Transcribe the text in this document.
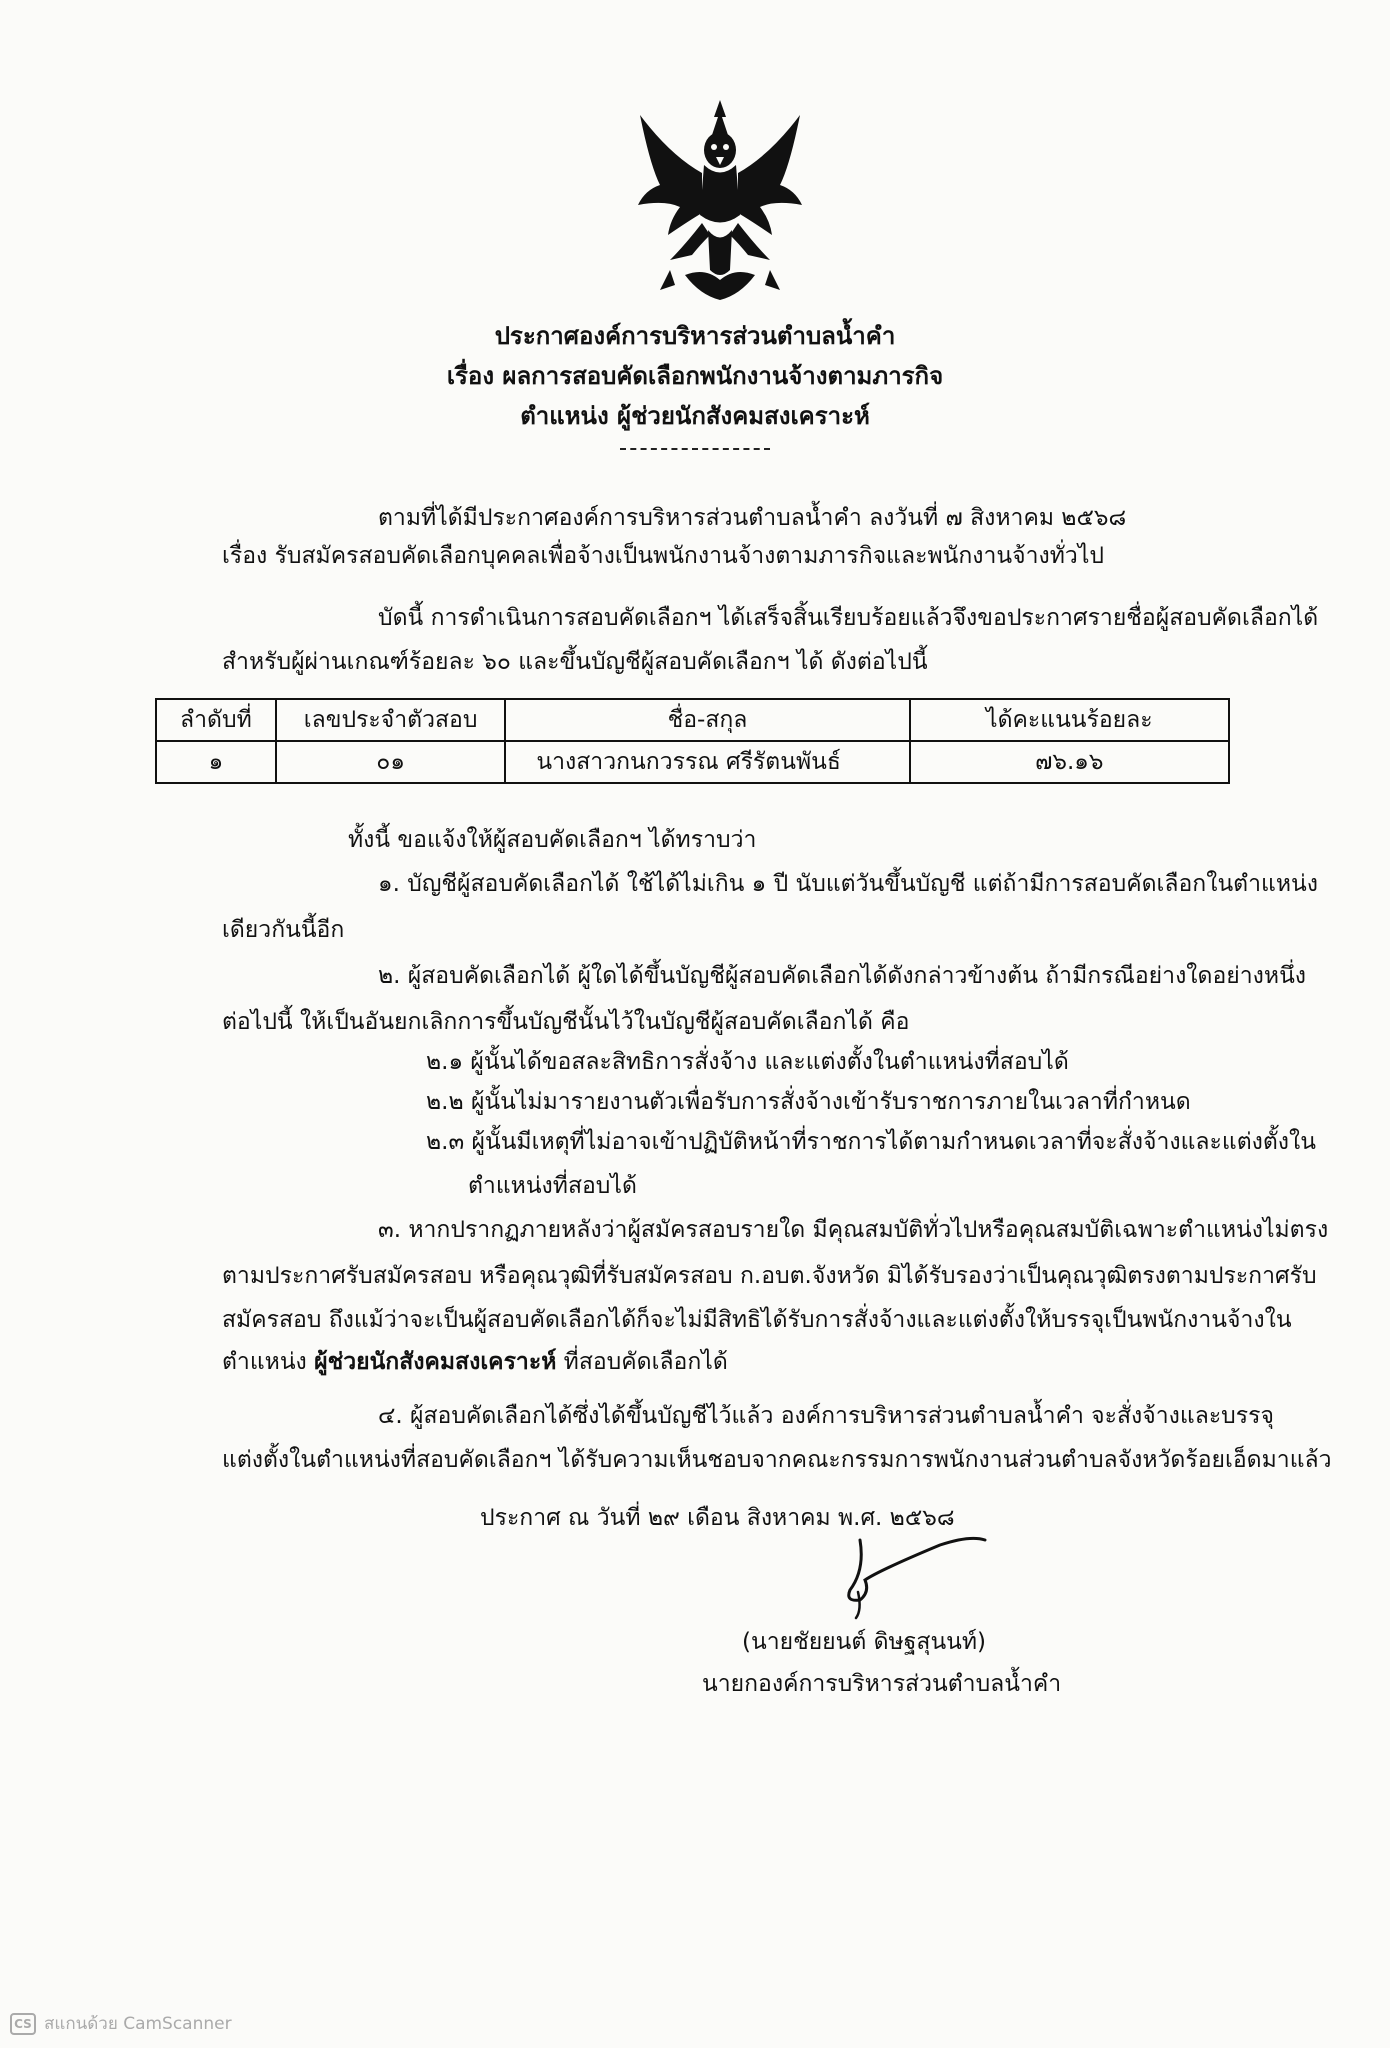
ประกาศองค์การบริหารส่วนตำบลน้ำคำ
เรื่อง ผลการสอบคัดเลือกพนักงานจ้างตามภารกิจ
ตำแหน่ง ผู้ช่วยนักสังคมสงเคราะห์
ตามที่ได้มีประกาศองค์การบริหารส่วนตำบลน้ำคำ ลงวันที่ ๗ สิงหาคม ๒๕๖๘
เรื่อง รับสมัครสอบคัดเลือกบุคคลเพื่อจ้างเป็นพนักงานจ้างตามภารกิจและพนักงานจ้างทั่วไป
บัดนี้ การดำเนินการสอบคัดเลือกฯ ได้เสร็จสิ้นเรียบร้อยแล้วจึงขอประกาศรายชื่อผู้สอบคัดเลือกได้
สำหรับผู้ผ่านเกณฑ์ร้อยละ ๖๐ และขึ้นบัญชีผู้สอบคัดเลือกฯ ได้ ดังต่อไปนี้
ลำดับที่	เลขประจำตัวสอบ	ชื่อ-สกุล	ได้คะแนนร้อยละ
๑	๐๑	นางสาวกนกวรรณ ศรีรัตนพันธ์	๗๖.๑๖
ทั้งนี้ ขอแจ้งให้ผู้สอบคัดเลือกฯ ได้ทราบว่า
๑. บัญชีผู้สอบคัดเลือกได้ ใช้ได้ไม่เกิน ๑ ปี นับแต่วันขึ้นบัญชี แต่ถ้ามีการสอบคัดเลือกในตำแหน่ง
เดียวกันนี้อีก
๒. ผู้สอบคัดเลือกได้ ผู้ใดได้ขึ้นบัญชีผู้สอบคัดเลือกได้ดังกล่าวข้างต้น ถ้ามีกรณีอย่างใดอย่างหนึ่ง
ต่อไปนี้ ให้เป็นอันยกเลิกการขึ้นบัญชีนั้นไว้ในบัญชีผู้สอบคัดเลือกได้ คือ
๒.๑ ผู้นั้นได้ขอสละสิทธิการสั่งจ้าง และแต่งตั้งในตำแหน่งที่สอบได้
๒.๒ ผู้นั้นไม่มารายงานตัวเพื่อรับการสั่งจ้างเข้ารับราชการภายในเวลาที่กำหนด
๒.๓ ผู้นั้นมีเหตุที่ไม่อาจเข้าปฏิบัติหน้าที่ราชการได้ตามกำหนดเวลาที่จะสั่งจ้างและแต่งตั้งใน
ตำแหน่งที่สอบได้
๓. หากปรากฏภายหลังว่าผู้สมัครสอบรายใด มีคุณสมบัติทั่วไปหรือคุณสมบัติเฉพาะตำแหน่งไม่ตรง
ตามประกาศรับสมัครสอบ หรือคุณวุฒิที่รับสมัครสอบ ก.อบต.จังหวัด มิได้รับรองว่าเป็นคุณวุฒิตรงตามประกาศรับ
สมัครสอบ ถึงแม้ว่าจะเป็นผู้สอบคัดเลือกได้ก็จะไม่มีสิทธิได้รับการสั่งจ้างและแต่งตั้งให้บรรจุเป็นพนักงานจ้างใน
ตำแหน่ง ผู้ช่วยนักสังคมสงเคราะห์ ที่สอบคัดเลือกได้
๔. ผู้สอบคัดเลือกได้ซึ่งได้ขึ้นบัญชีไว้แล้ว องค์การบริหารส่วนตำบลน้ำคำ จะสั่งจ้างและบรรจุ
แต่งตั้งในตำแหน่งที่สอบคัดเลือกฯ ได้รับความเห็นชอบจากคณะกรรมการพนักงานส่วนตำบลจังหวัดร้อยเอ็ดมาแล้ว
ประกาศ ณ วันที่ ๒๙ เดือน สิงหาคม พ.ศ. ๒๕๖๘
(นายชัยยนต์ ดิษฐสุนนท์)
นายกองค์การบริหารส่วนตำบลน้ำคำ
CS สแกนด้วย CamScanner
